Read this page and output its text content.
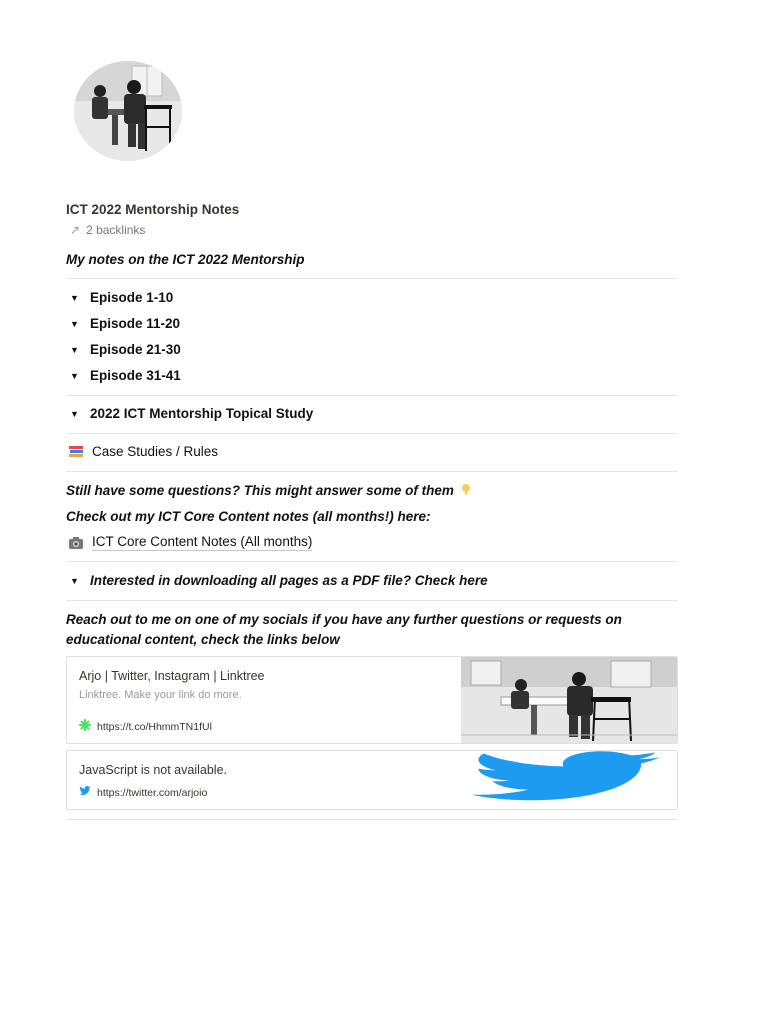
ICT 2022 Mentorship Notes
↗ 2 backlinks
My notes on the ICT 2022 Mentorship
▼ Episode 1-10
▼ Episode 11-20
▼ Episode 21-30
▼ Episode 31-41
▼ 2022 ICT Mentorship Topical Study
Case Studies / Rules
Still have some questions? This might answer some of them
Check out my ICT Core Content notes (all months!) here:
ICT Core Content Notes (All months)
▼ Interested in downloading all pages as a PDF file? Check here
Reach out to me on one of my socials if you have any further questions or requests on
educational content, check the links below
Arjo | Twitter, Instagram | Linktree
Linktree. Make your link do more.
https://t.co/HhmmTN1fUl
JavaScript is not available.
https://twitter.com/arjoio
